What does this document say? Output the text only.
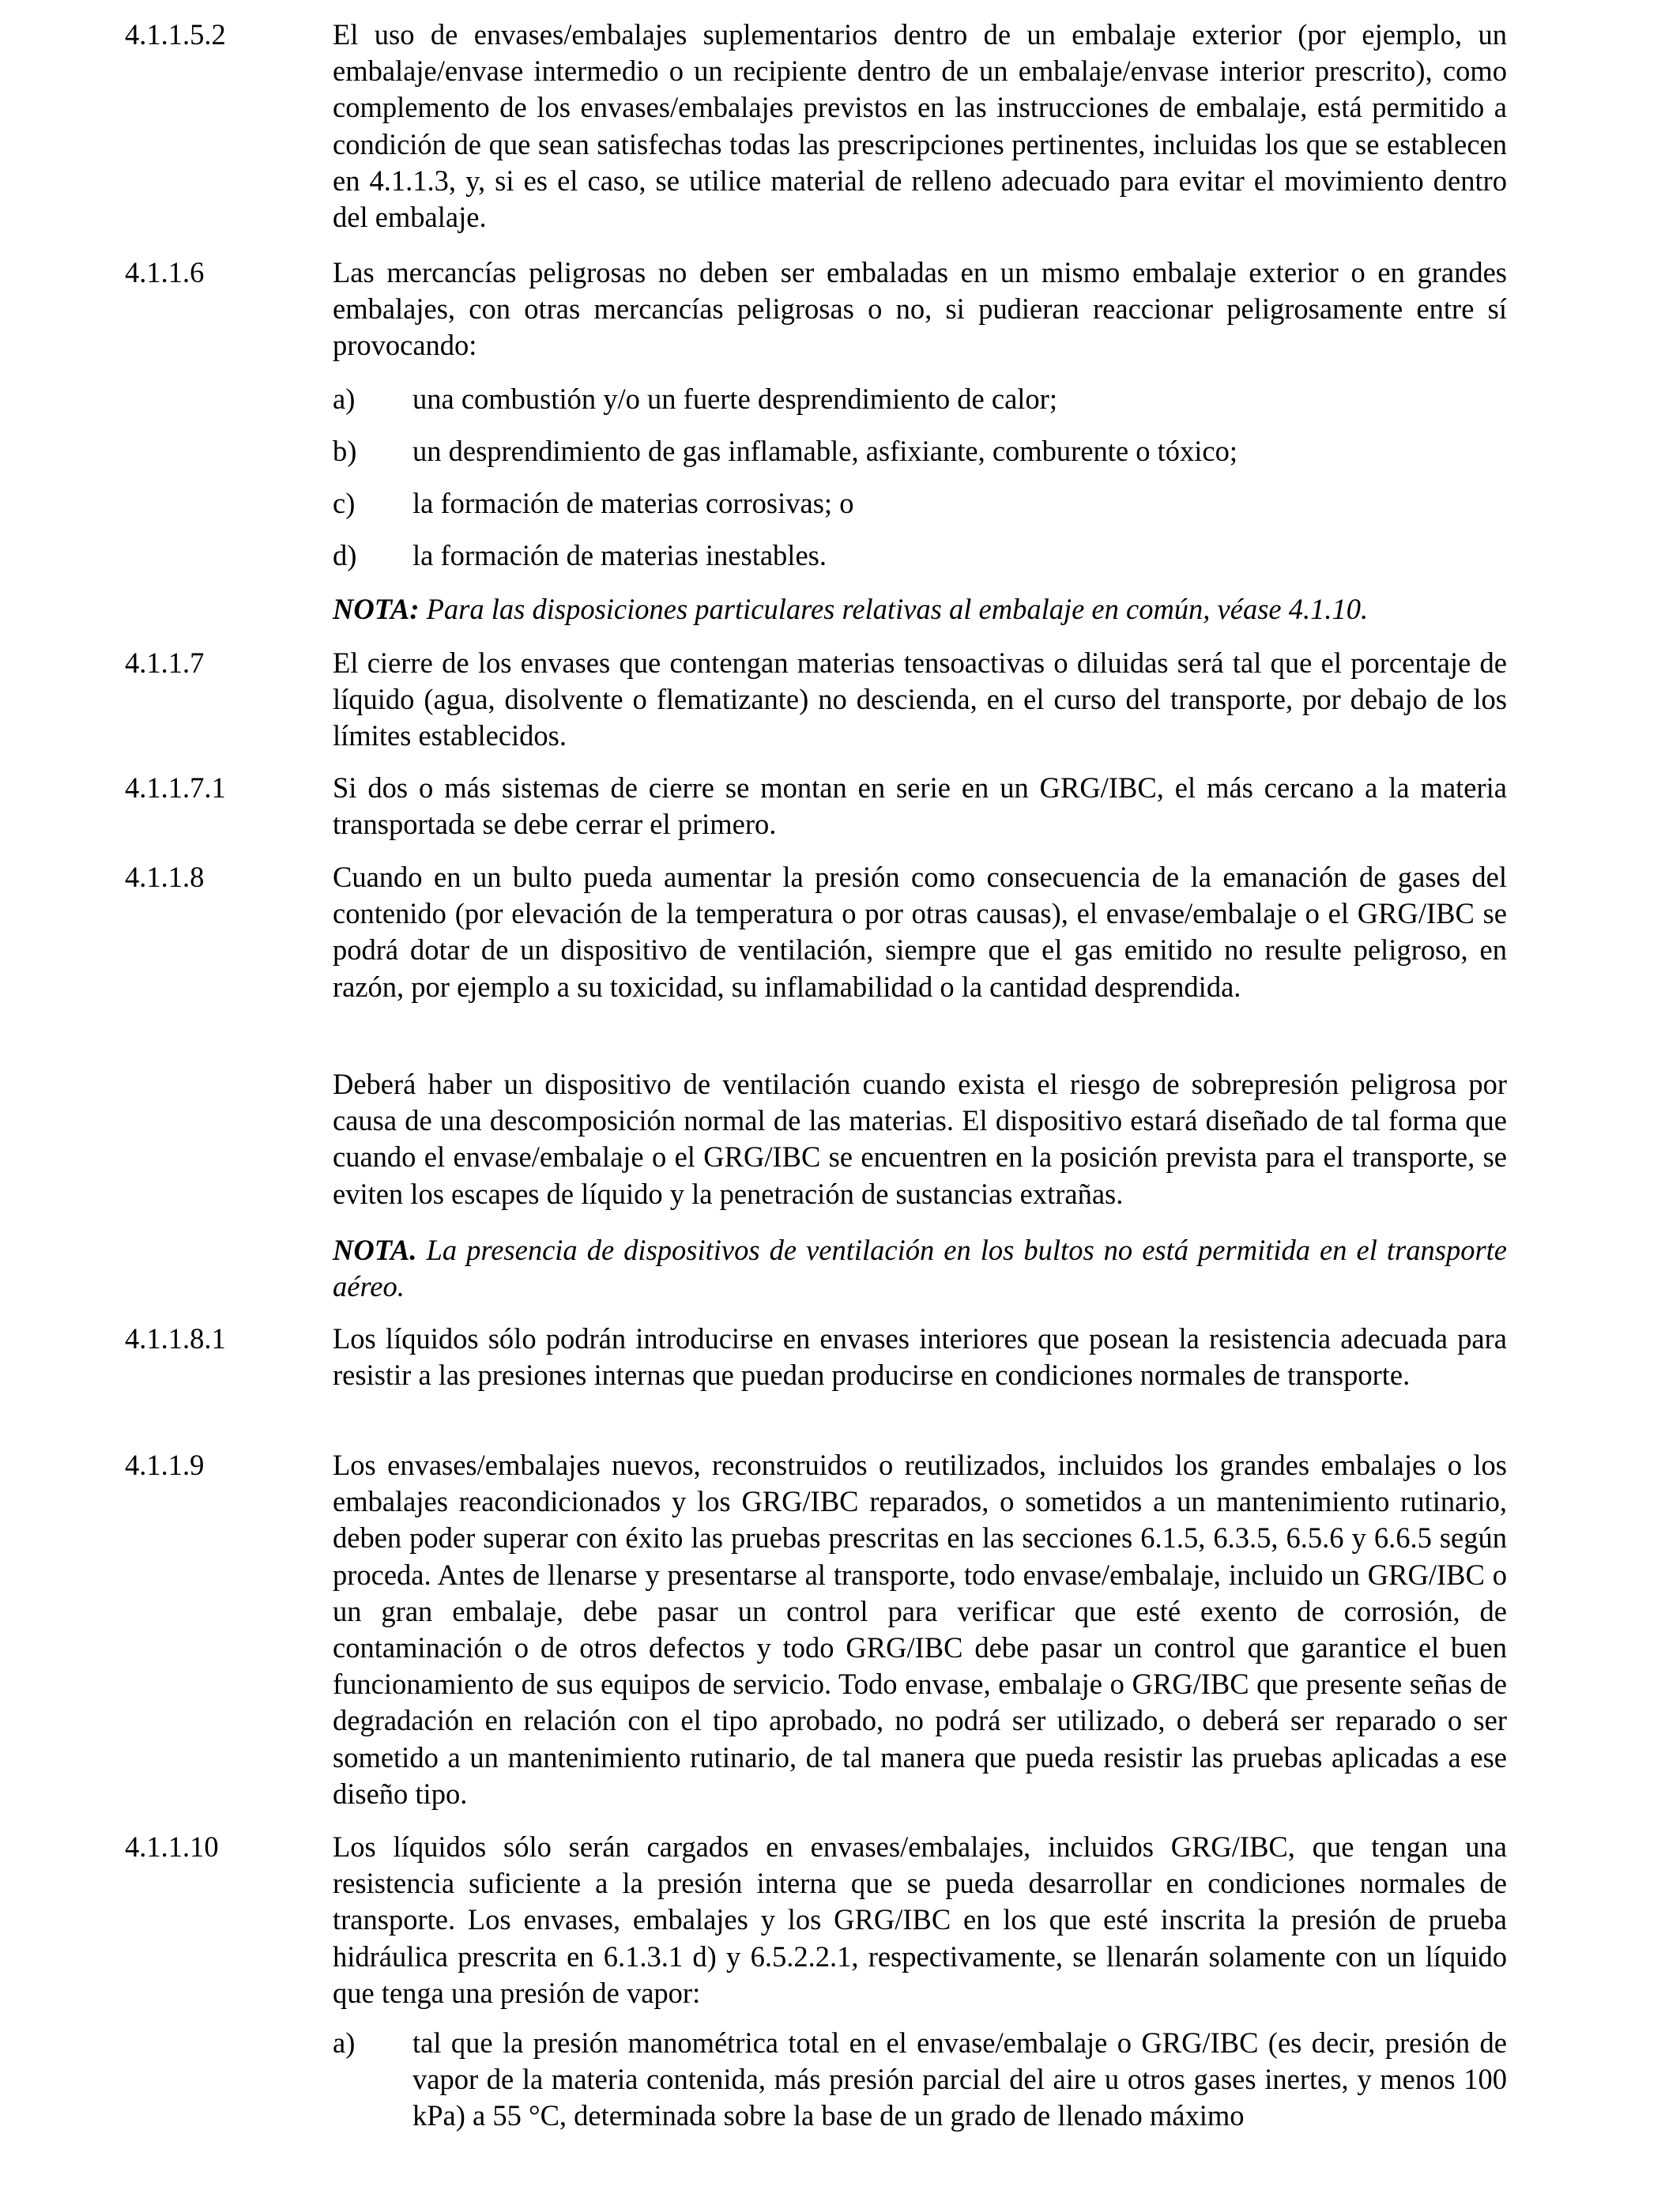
4.1.1.5.2	El uso de envases/embalajes suplementarios dentro de un embalaje exterior (por ejemplo, un embalaje/envase intermedio o un recipiente dentro de un embalaje/envase interior prescrito), como complemento de los envases/embalajes previstos en las instrucciones de embalaje, está permitido a condición de que sean satisfechas todas las prescripciones pertinentes, incluidas los que se establecen en 4.1.1.3, y, si es el caso, se utilice material de relleno adecuado para evitar el movimiento dentro del embalaje.

4.1.1.6	Las mercancías peligrosas no deben ser embaladas en un mismo embalaje exterior o en grandes embalajes, con otras mercancías peligrosas o no, si pudieran reaccionar peligrosamente entre sí provocando:

a) una combustión y/o un fuerte desprendimiento de calor;

b) un desprendimiento de gas inflamable, asfixiante, comburente o tóxico;

c) la formación de materias corrosivas; o

d) la formación de materias inestables.

NOTA: Para las disposiciones particulares relativas al embalaje en común, véase 4.1.10.

4.1.1.7	El cierre de los envases que contengan materias tensoactivas o diluidas será tal que el porcentaje de líquido (agua, disolvente o flematizante) no descienda, en el curso del transporte, por debajo de los límites establecidos.

4.1.1.7.1	Si dos o más sistemas de cierre se montan en serie en un GRG/IBC, el más cercano a la materia transportada se debe cerrar el primero.

4.1.1.8	Cuando en un bulto pueda aumentar la presión como consecuencia de la emanación de gases del contenido (por elevación de la temperatura o por otras causas), el envase/embalaje o el GRG/IBC se podrá dotar de un dispositivo de ventilación, siempre que el gas emitido no resulte peligroso, en razón, por ejemplo a su toxicidad, su inflamabilidad o la cantidad desprendida.

Deberá haber un dispositivo de ventilación cuando exista el riesgo de sobrepresión peligrosa por causa de una descomposición normal de las materias. El dispositivo estará diseñado de tal forma que cuando el envase/embalaje o el GRG/IBC se encuentren en la posición prevista para el transporte, se eviten los escapes de líquido y la penetración de sustancias extrañas.

NOTA. La presencia de dispositivos de ventilación en los bultos no está permitida en el transporte aéreo.

4.1.1.8.1	Los líquidos sólo podrán introducirse en envases interiores que posean la resistencia adecuada para resistir a las presiones internas que puedan producirse en condiciones normales de transporte.

4.1.1.9	Los envases/embalajes nuevos, reconstruidos o reutilizados, incluidos los grandes embalajes o los embalajes reacondicionados y los GRG/IBC reparados, o sometidos a un mantenimiento rutinario, deben poder superar con éxito las pruebas prescritas en las secciones 6.1.5, 6.3.5, 6.5.6 y 6.6.5 según proceda. Antes de llenarse y presentarse al transporte, todo envase/embalaje, incluido un GRG/IBC o un gran embalaje, debe pasar un control para verificar que esté exento de corrosión, de contaminación o de otros defectos y todo GRG/IBC debe pasar un control que garantice el buen funcionamiento de sus equipos de servicio. Todo envase, embalaje o GRG/IBC que presente señas de degradación en relación con el tipo aprobado, no podrá ser utilizado, o deberá ser reparado o ser sometido a un mantenimiento rutinario, de tal manera que pueda resistir las pruebas aplicadas a ese diseño tipo.

4.1.1.10	Los líquidos sólo serán cargados en envases/embalajes, incluidos GRG/IBC, que tengan una resistencia suficiente a la presión interna que se pueda desarrollar en condiciones normales de transporte. Los envases, embalajes y los GRG/IBC en los que esté inscrita la presión de prueba hidráulica prescrita en 6.1.3.1 d) y 6.5.2.2.1, respectivamente, se llenarán solamente con un líquido que tenga una presión de vapor:

a) tal que la presión manométrica total en el envase/embalaje o GRG/IBC (es decir, presión de vapor de la materia contenida, más presión parcial del aire u otros gases inertes, y menos 100 kPa) a 55 °C, determinada sobre la base de un grado de llenado máximo
